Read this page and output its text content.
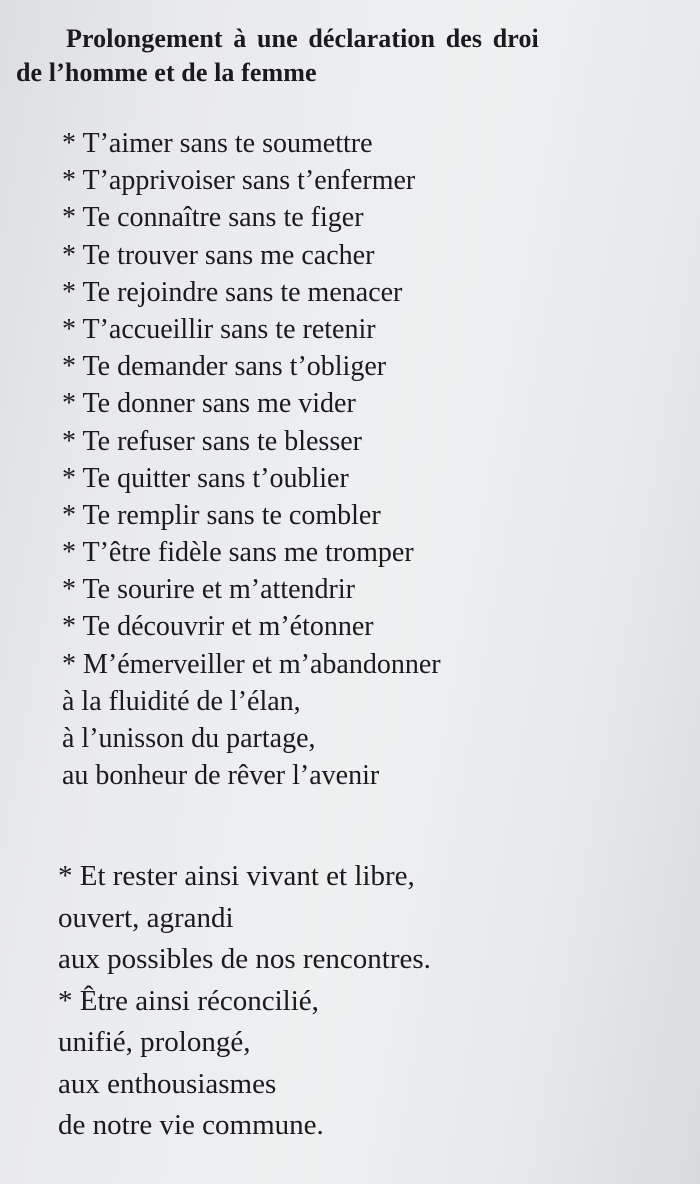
Prolongement à une déclaration des droi
de l’homme et de la femme
* T’aimer sans te soumettre
* T’apprivoiser sans t’enfermer
* Te connaître sans te figer
* Te trouver sans me cacher
* Te rejoindre sans te menacer
* T’accueillir sans te retenir
* Te demander sans t’obliger
* Te donner sans me vider
* Te refuser sans te blesser
* Te quitter sans t’oublier
* Te remplir sans te combler
* T’être fidèle sans me tromper
* Te sourire et m’attendrir
* Te découvrir et m’étonner
* M’émerveiller et m’abandonner
à la fluidité de l’élan,
à l’unisson du partage,
au bonheur de rêver l’avenir
* Et rester ainsi vivant et libre,
ouvert, agrandi
aux possibles de nos rencontres.
* Être ainsi réconcilié,
unifié, prolongé,
aux enthousiasmes
de notre vie commune.
